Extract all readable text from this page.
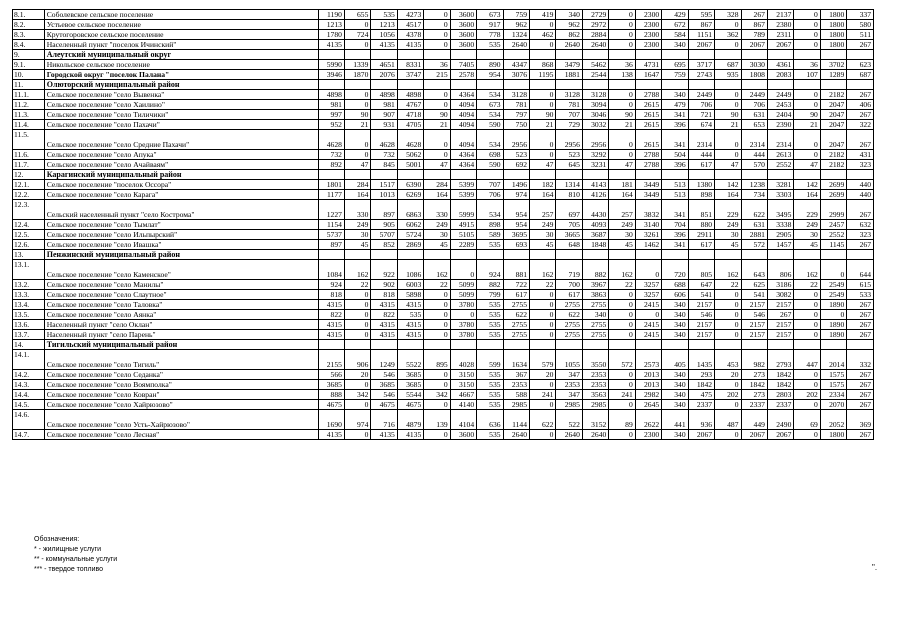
8.1.	Соболевское сельское поселение	1190	655	535	4273	0	3600	673	759	419	340	2729	0	2300	429	595	328	267	2137	0	1800	337
8.2.	Устьевое сельское поселение	1213	0	1213	4517	0	3600	917	962	0	962	2972	0	2300	672	867	0	867	2380	0	1800	580
8.3.	Крутогоровское сельское поселение	1780	724	1056	4378	0	3600	778	1324	462	862	2884	0	2300	584	1151	362	789	2311	0	1800	511
8.4.	Населенный пункт "поселок Ичинский"	4135	0	4135	4135	0	3600	535	2640	0	2640	2640	0	2300	340	2067	0	2067	2067	0	1800	267
9.	Алеутский муниципальный округ																					
9.1.	Никольское сельское поселение	5990	1339	4651	8331	36	7405	890	4347	868	3479	5462	36	4731	695	3717	687	3030	4361	36	3702	623
10.	Городской округ "поселок Палана"	3946	1870	2076	3747	215	2578	954	3076	1195	1881	2544	138	1647	759	2743	935	1808	2083	107	1289	687
11.	Олюторский муниципальный район																					
11.1.	Сельское поселение "село Вывенка"	4898	0	4898	4898	0	4364	534	3128	0	3128	3128	0	2788	340	2449	0	2449	2449	0	2182	267
11.2.	Сельское поселение "село Хаилино"	981	0	981	4767	0	4094	673	781	0	781	3094	0	2615	479	706	0	706	2453	0	2047	406
11.3.	Сельское поселение "село Тиличики"	997	90	907	4718	90	4094	534	797	90	707	3046	90	2615	341	721	90	631	2404	90	2047	267
11.4.	Сельское поселение "село Пахачи"	952	21	931	4705	21	4094	590	750	21	729	3032	21	2615	396	674	21	653	2390	21	2047	322
11.5.	Сельское поселение "село Средние Пахачи"	4628	0	4628	4628	0	4094	534	2956	0	2956	2956	0	2615	341	2314	0	2314	2314	0	2047	267
11.6.	Сельское поселение "село Апука"	732	0	732	5062	0	4364	698	523	0	523	3292	0	2788	504	444	0	444	2613	0	2182	431
11.7.	Сельское поселение "село Ачайваям"	892	47	845	5001	47	4364	590	692	47	645	3231	47	2788	396	617	47	570	2552	47	2182	323
12.	Карагинский муниципальный район																					
12.1.	Сельское поселение "поселок Оссора"	1801	284	1517	6390	284	5399	707	1496	182	1314	4143	181	3449	513	1380	142	1238	3281	142	2699	440
12.2.	Сельское поселение "село Карага"	1177	164	1013	6269	164	5399	706	974	164	810	4126	164	3449	513	898	164	734	3303	164	2699	440
12.3.	Сельский населенный пункт "село Кострома"	1227	330	897	6863	330	5999	534	954	257	697	4430	257	3832	341	851	229	622	3495	229	2999	267
12.4.	Сельское поселение "село Тымлат"	1154	249	905	6062	249	4915	898	954	249	705	4093	249	3140	704	880	249	631	3338	249	2457	632
12.5.	Сельское поселение "село Ильпырский"	5737	30	5707	5724	30	5105	589	3695	30	3665	3687	30	3261	396	2911	30	2881	2905	30	2552	323
12.6.	Сельское поселение "село Ивашка"	897	45	852	2869	45	2289	535	693	45	648	1848	45	1462	341	617	45	572	1457	45	1145	267
13.	Пенжинский муниципальный район																					
13.1.	Сельское поселение "село Каменское"	1084	162	922	1086	162	0	924	881	162	719	882	162	0	720	805	162	643	806	162	0	644
13.2.	Сельское поселение "село Манилы"	924	22	902	6003	22	5099	882	722	22	700	3967	22	3257	688	647	22	625	3186	22	2549	615
13.3.	Сельское поселение "село Слаутное"	818	0	818	5898	0	5099	799	617	0	617	3863	0	3257	606	541	0	541	3082	0	2549	533
13.4.	Сельское поселение "село Таловка"	4315	0	4315	4315	0	3780	535	2755	0	2755	2755	0	2415	340	2157	0	2157	2157	0	1890	267
13.5.	Сельское поселение "село Аянка"	822	0	822	535	0	0	535	622	0	622	340	0	0	340	546	0	546	267	0	0	267
13.6.	Населенный пункт "село Оклан"	4315	0	4315	4315	0	3780	535	2755	0	2755	2755	0	2415	340	2157	0	2157	2157	0	1890	267
13.7.	Населенный пункт "село Парень"	4315	0	4315	4315	0	3780	535	2755	0	2755	2755	0	2415	340	2157	0	2157	2157	0	1890	267
14.	Тигильский муниципальный район																					
14.1.	Сельское поселение "село Тигиль"	2155	906	1249	5522	895	4028	599	1634	579	1055	3550	572	2573	405	1435	453	982	2793	447	2014	332
14.2.	Сельское поселение "село Седанка"	566	20	546	3685	0	3150	535	367	20	347	2353	0	2013	340	293	20	273	1842	0	1575	267
14.3.	Сельское поселение "село Воямполка"	3685	0	3685	3685	0	3150	535	2353	0	2353	2353	0	2013	340	1842	0	1842	1842	0	1575	267
14.4.	Сельское поселение "село Ковран"	888	342	546	5544	342	4667	535	588	241	347	3563	241	2982	340	475	202	273	2803	202	2334	267
14.5.	Сельское поселение "село Хайрюзово"	4675	0	4675	4675	0	4140	535	2985	0	2985	2985	0	2645	340	2337	0	2337	2337	0	2070	267
14.6.	Сельское поселение "село Усть-Хайрюзово"	1690	974	716	4879	139	4104	636	1144	622	522	3152	89	2622	441	936	487	449	2490	69	2052	369
14.7.	Сельское поселение "село Лесная"	4135	0	4135	4135	0	3600	535	2640	0	2640	2640	0	2300	340	2067	0	2067	2067	0	1800	267
Обозначения:
* - жилищные услуги
** - коммунальные услуги
*** - твердое топливо	".
